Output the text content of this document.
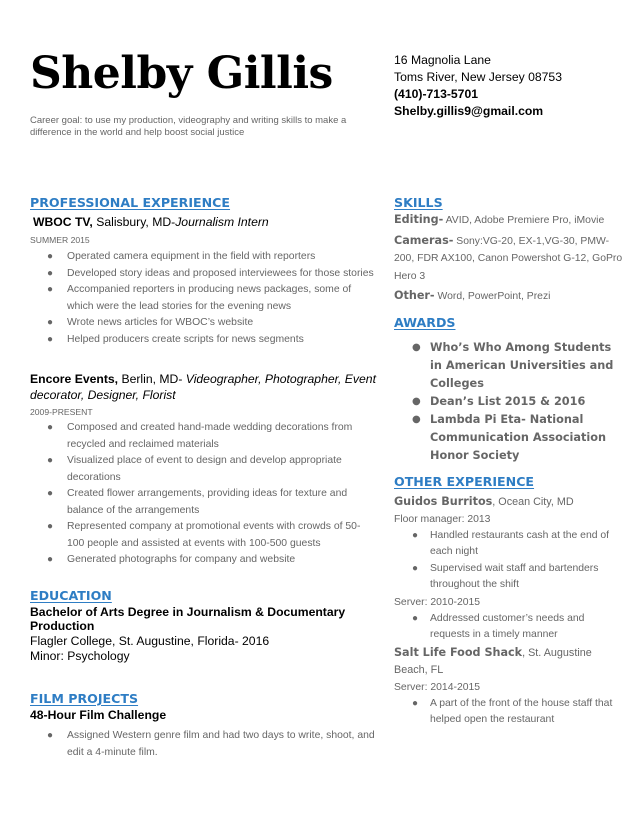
Shelby Gillis
Career goal: to use my production, videography and writing skills to make a difference in the world and help boost social justice
16 Magnolia Lane
Toms River, New Jersey 08753
(410)-713-5701
Shelby.gillis9@gmail.com
PROFESSIONAL EXPERIENCE
WBOC TV, Salisbury, MD-Journalism Intern
SUMMER 2015
● Operated camera equipment in the field with reporters
● Developed story ideas and proposed interviewees for those stories
● Accompanied reporters in producing news packages, some of which were the lead stories for the evening news
● Wrote news articles for WBOC’s website
● Helped producers create scripts for news segments
Encore Events, Berlin, MD- Videographer, Photographer, Event decorator, Designer, Florist
2009-PRESENT
● Composed and created hand-made wedding decorations from recycled and reclaimed materials
● Visualized place of event to design and develop appropriate decorations
● Created flower arrangements, providing ideas for texture and balance of the arrangements
● Represented company at promotional events with crowds of 50-100 people and assisted at events with 100-500 guests
● Generated photographs for company and website
EDUCATION
Bachelor of Arts Degree in Journalism & Documentary Production
Flagler College, St. Augustine, Florida- 2016
Minor: Psychology
FILM PROJECTS
48-Hour Film Challenge
● Assigned Western genre film and had two days to write, shoot, and edit a 4-minute film.
SKILLS
Editing- AVID, Adobe Premiere Pro, iMovie
Cameras- Sony:VG-20, EX-1,VG-30, PMW-200, FDR AX100, Canon Powershot G-12, GoPro Hero 3
Other- Word, PowerPoint, Prezi
AWARDS
● Who’s Who Among Students in American Universities and Colleges
● Dean’s List 2015 & 2016
● Lambda Pi Eta- National Communication Association Honor Society
OTHER EXPERIENCE
Guidos Burritos, Ocean City, MD
Floor manager: 2013
● Handled restaurants cash at the end of each night
● Supervised wait staff and bartenders throughout the shift
Server: 2010-2015
● Addressed customer’s needs and requests in a timely manner
Salt Life Food Shack, St. Augustine Beach, FL
Server: 2014-2015
● A part of the front of the house staff that helped open the restaurant
